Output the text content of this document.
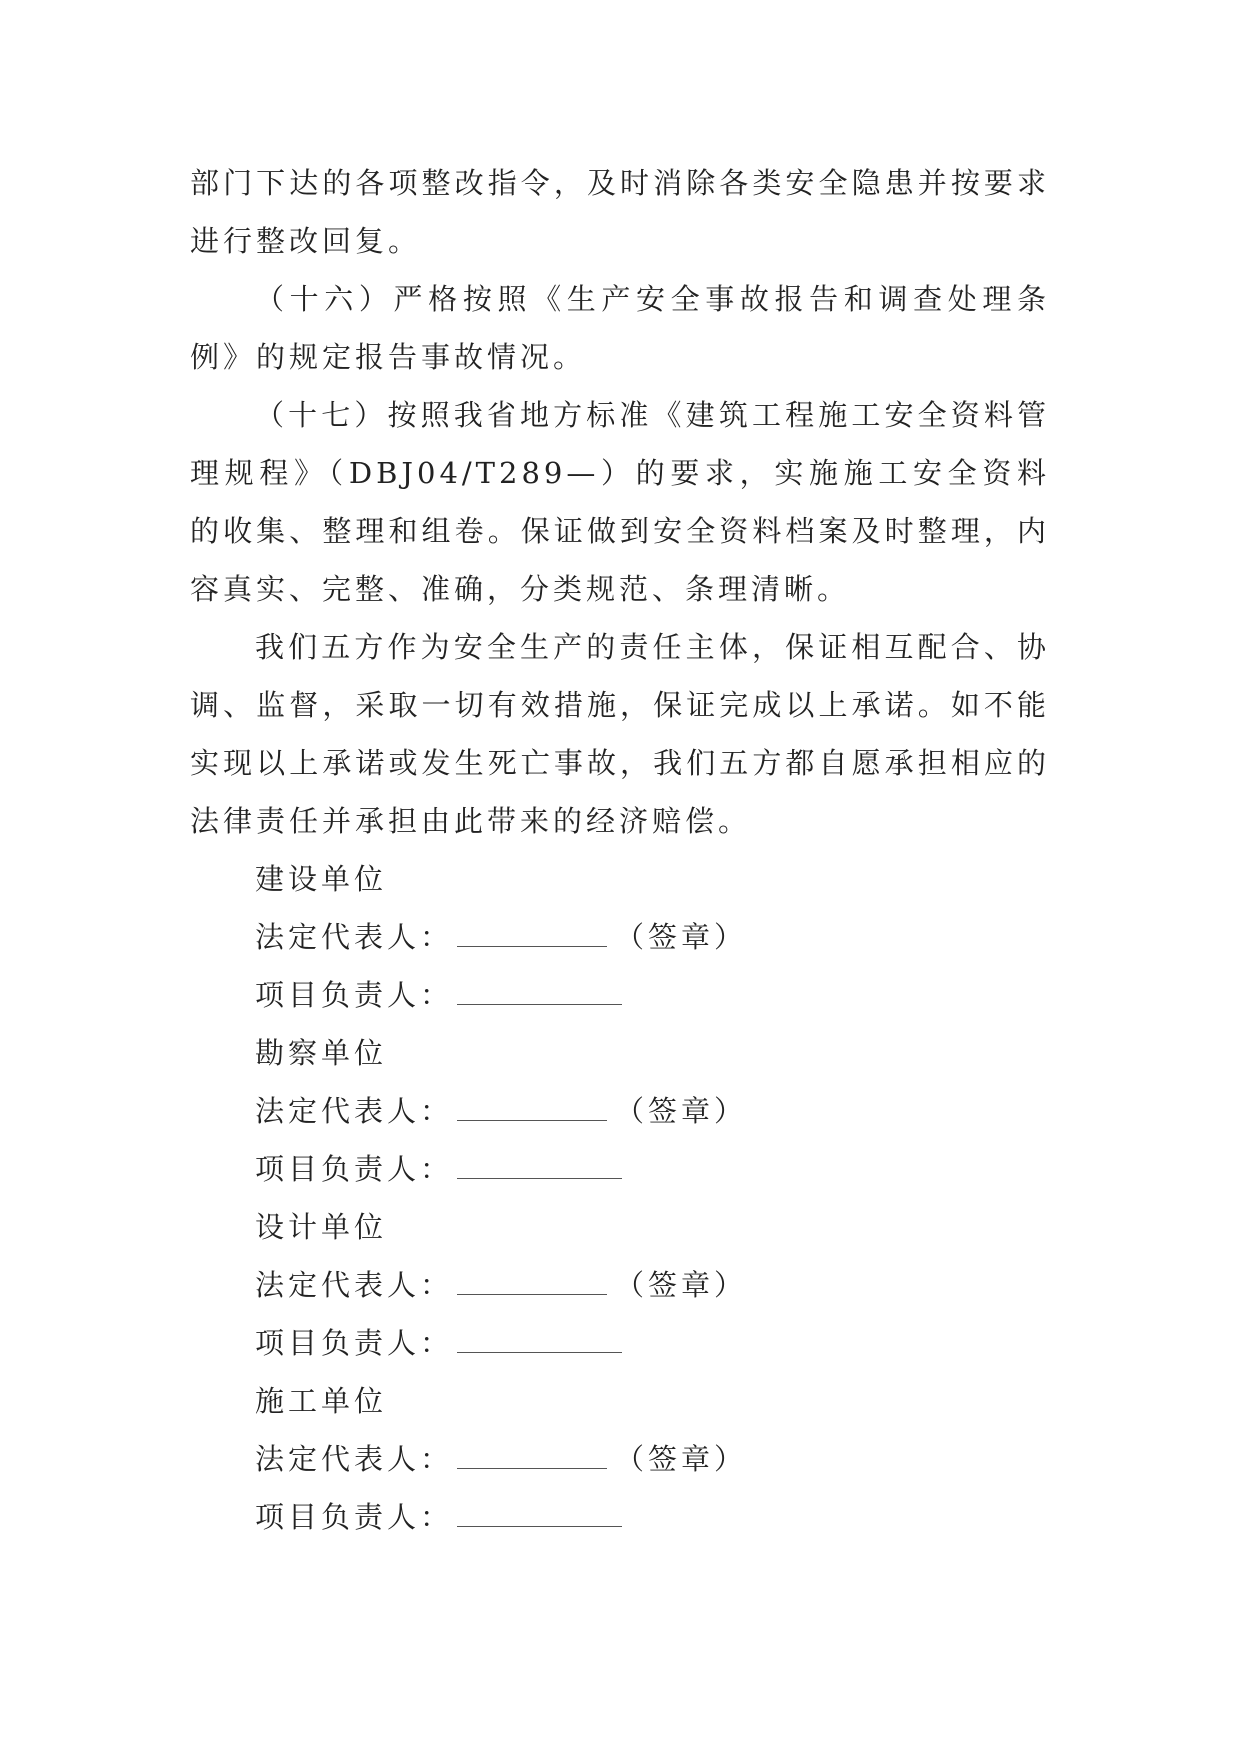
部门下达的各项整改指令，及时消除各类安全隐患并按要求进行整改回复。

（十六）严格按照《生产安全事故报告和调查处理条例》的规定报告事故情况。

（十七）按照我省地方标准《建筑工程施工安全资料管理规程》（DBJ04/T289—）的要求，实施施工安全资料的收集、整理和组卷。保证做到安全资料档案及时整理，内容真实、完整、准确，分类规范、条理清晰。

我们五方作为安全生产的责任主体，保证相互配合、协调、监督，采取一切有效措施，保证完成以上承诺。如不能实现以上承诺或发生死亡事故，我们五方都自愿承担相应的法律责任并承担由此带来的经济赔偿。

建设单位

法定代表人：	（签章）

项目负责人：

勘察单位

法定代表人：	（签章）

项目负责人：

设计单位

法定代表人：	（签章）

项目负责人：

施工单位

法定代表人：	（签章）

项目负责人：
